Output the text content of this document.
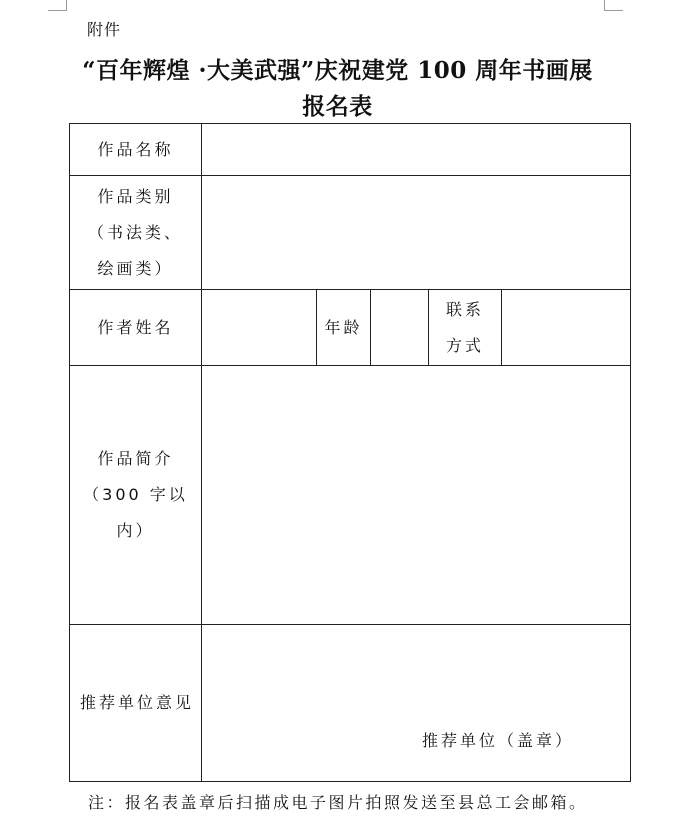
附件
“百年辉煌 ·大美武强”庆祝建党 100 周年书画展
报名表
作品名称					

作品类别
（书法类、
绘画类）					

作者姓名		年龄		联系
方式	

作品简介
（300 字以内）					

推荐单位意见	推荐单位（盖章）				
注：报名表盖章后扫描成电子图片拍照发送至县总工会邮箱。
